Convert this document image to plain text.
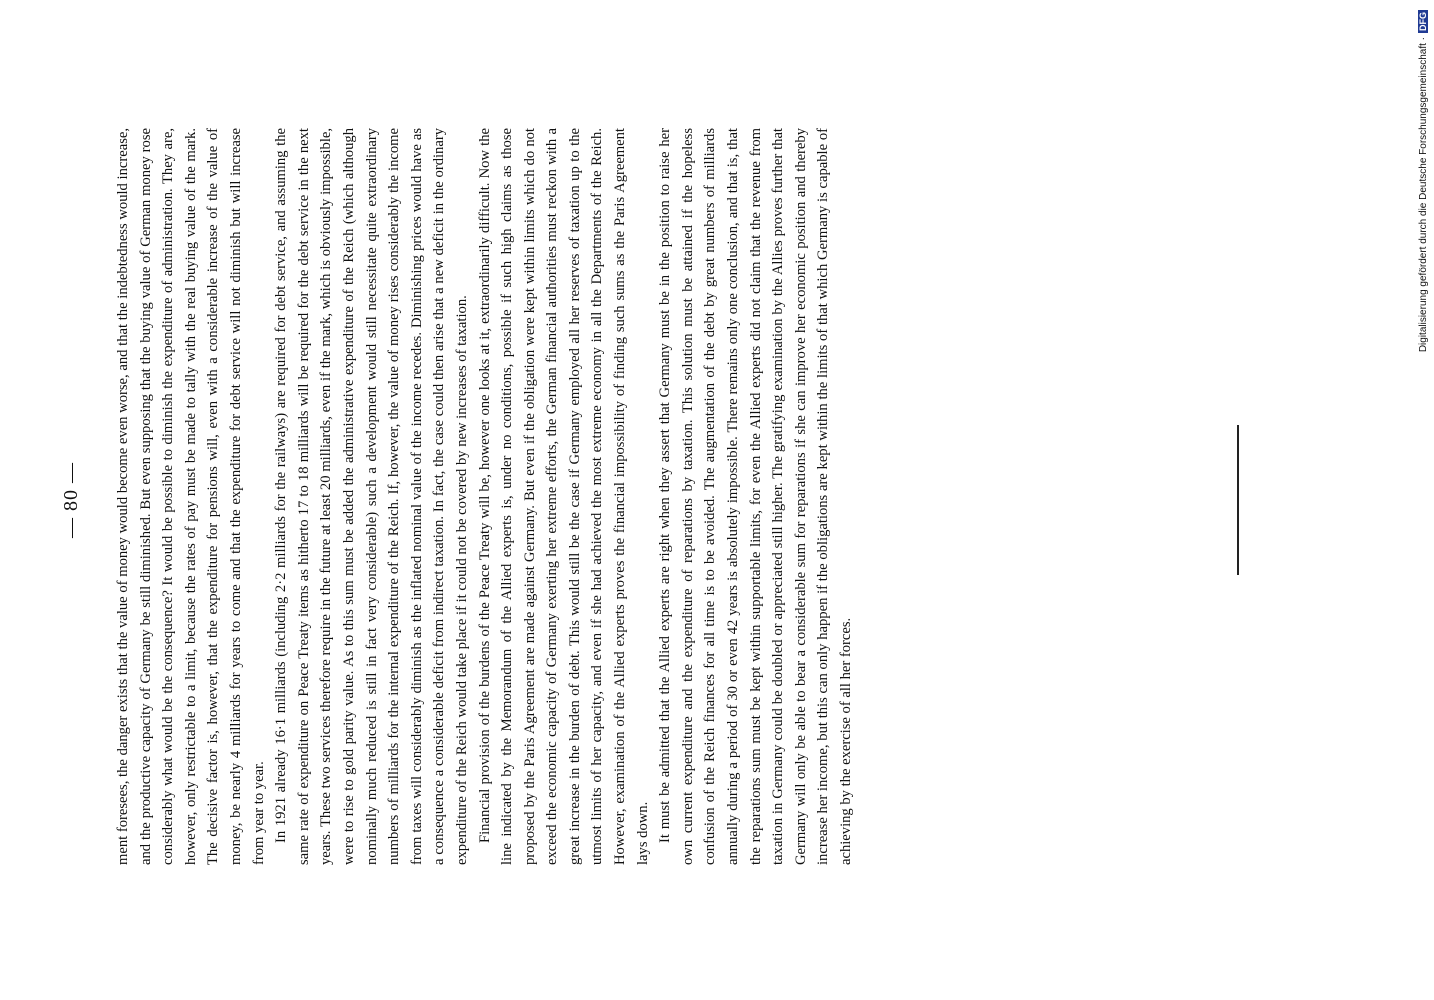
— 80 — ment foresees, the danger exists that the value of money would become even worse, and that the indebtedness would increase, and the productive capacity of Germany be still diminished. But even supposing that the buying value of German money rose considerably what would be the consequence? It would be possible to diminish the expenditure of administration. They are, however, only restrictable to a limit, because the rates of pay must be made to tally with the real buying value of the mark. The decisive factor is, however, that the expenditure for pensions will, even with a considerable increase of the value of money, be nearly 4 milliards for years to come and that the expenditure for debt service will not diminish but will increase from year to year. In 1921 already 16·1 milliards (including 2·2 milliards for the railways) are required for debt service, and assuming the same rate of expenditure on Peace Treaty items as hitherto 17 to 18 milliards will be required for the debt service in the next years. These two services therefore require in the future at least 20 milliards, even if the mark, which is obviously impossible, were to rise to gold parity value. As to this sum must be added the administrative expenditure of the Reich (which although nominally much reduced is still in fact very considerable) such a development would still necessitate quite extraordinary numbers of milliards for the internal expenditure of the Reich. If, however, the value of money rises considerably the income from taxes will considerably diminish as the inflated nominal value of the income recedes. Diminishing prices would have as a consequence a considerable deficit from indirect taxation. In fact, the case could then arise that a new deficit in the ordinary expenditure of the Reich would take place if it could not be covered by new increases of taxation. Financial provision of the burdens of the Peace Treaty will be, however one looks at it, extraordinarily difficult. Now the line indicated by the Memorandum of the Allied experts is, under no conditions, possible if such high claims as those proposed by the Paris Agreement are made against Germany. But even if the obligation were kept within limits which do not exceed the economic capacity of Germany exerting her extreme efforts, the German financial authorities must reckon with a great increase in the burden of debt. This would still be the case if Germany employed all her reserves of taxation up to the utmost limits of her capacity, and even if she had achieved the most extreme economy in all the Departments of the Reich. However, examination of the Allied experts proves the financial impossibility of finding such sums as the Paris Agreement lays down. It must be admitted that the Allied experts are right when they assert that Germany must be in the position to raise her own current expenditure and the expenditure of reparations by taxation. This solution must be attained if the hopeless confusion of the Reich finances for all time is to be avoided. The augmentation of the debt by great numbers of milliards annually during a period of 30 or even 42 years is absolutely impossible. There remains only one conclusion, and that is, that the reparations sum must be kept within supportable limits, for even the Allied experts did not claim that the revenue from taxation in Germany could be doubled or appreciated still higher. The gratifying examination by the Allies proves further that Germany will only be able to bear a considerable sum for reparations if she can improve her economic position and thereby increase her income, but this can only happen if the obligations are kept within the limits of that which Germany is capable of achieving by the exercise of all her forces.

Digitalisierung gefördert durch die Deutsche Forschungsgemeinschaft ·DFG
